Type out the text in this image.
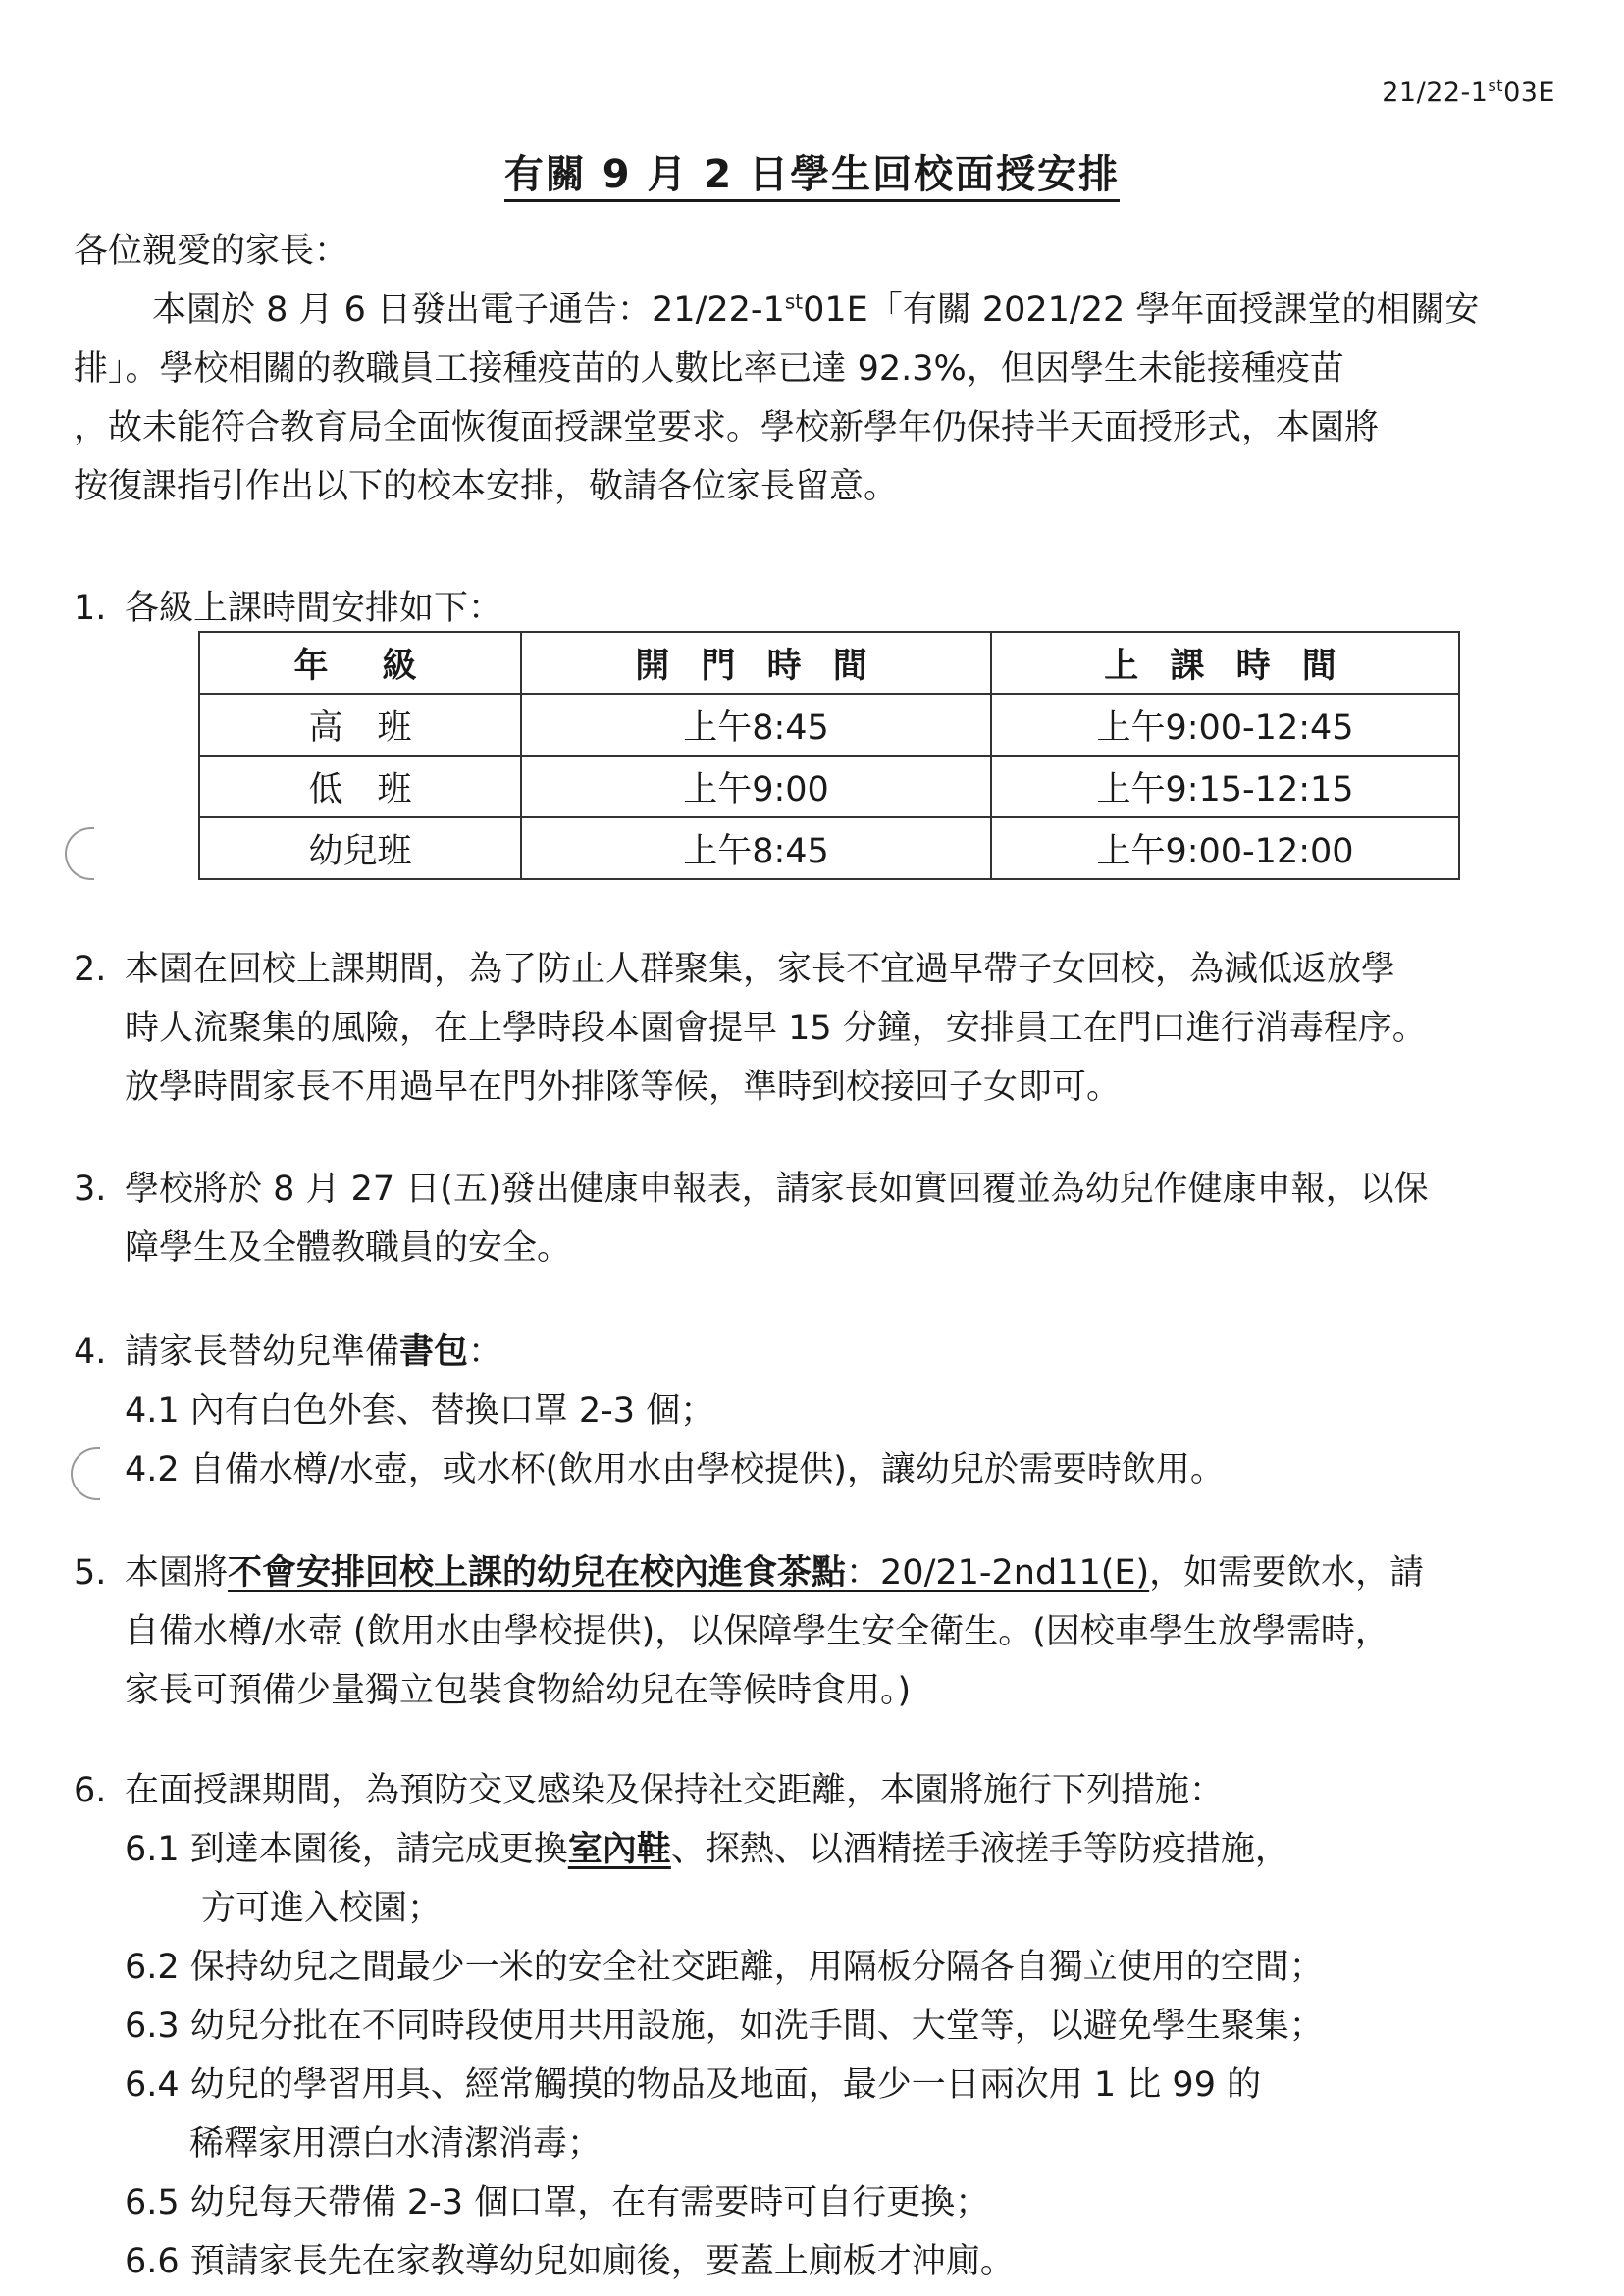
21/22-1st03E
有關 9 月 2 日學生回校面授安排

各位親愛的家長：

本園於 8 月 6 日發出電子通告：21/22-1st01E「有關 2021/22 學年面授課堂的相關安

排」。學校相關的教職員工接種疫苗的人數比率已達 92.3%，但因學生未能接種疫苗

，故未能符合教育局全面恢復面授課堂要求。學校新學年仍保持半天面授形式，本園將

按復課指引作出以下的校本安排，敬請各位家長留意。

1. 各級上課時間安排如下：
年　級	開 門 時 間	上 課 時 間
高　班	上午8:45	上午9:00-12:45
低　班	上午9:00	上午9:15-12:15
幼兒班	上午8:45	上午9:00-12:00
2. 本園在回校上課期間，為了防止人群聚集，家長不宜過早帶子女回校，為減低返放學

時人流聚集的風險，在上學時段本園會提早 15 分鐘，安排員工在門口進行消毒程序。

放學時間家長不用過早在門外排隊等候，準時到校接回子女即可。

3. 學校將於 8 月 27 日(五)發出健康申報表，請家長如實回覆並為幼兒作健康申報，以保

障學生及全體教職員的安全。

4. 請家長替幼兒準備書包：

4.1 內有白色外套、替換口罩 2-3 個；

4.2 自備水樽/水壺，或水杯(飲用水由學校提供)，讓幼兒於需要時飲用。

5. 本園將不會安排回校上課的幼兒在校內進食茶點：20/21-2nd11(E)，如需要飲水，請

自備水樽/水壺 (飲用水由學校提供)，以保障學生安全衛生。(因校車學生放學需時，

家長可預備少量獨立包裝食物給幼兒在等候時食用。)

6. 在面授課期間，為預防交叉感染及保持社交距離，本園將施行下列措施：

6.1 到達本園後，請完成更換室內鞋、探熱、以酒精搓手液搓手等防疫措施，

方可進入校園；

6.2 保持幼兒之間最少一米的安全社交距離，用隔板分隔各自獨立使用的空間；

6.3 幼兒分批在不同時段使用共用設施，如洗手間、大堂等，以避免學生聚集；

6.4 幼兒的學習用具、經常觸摸的物品及地面，最少一日兩次用 1 比 99 的

稀釋家用漂白水清潔消毒；

6.5 幼兒每天帶備 2-3 個口罩，在有需要時可自行更換；

6.6 預請家長先在家教導幼兒如廁後，要蓋上廁板才沖廁。
